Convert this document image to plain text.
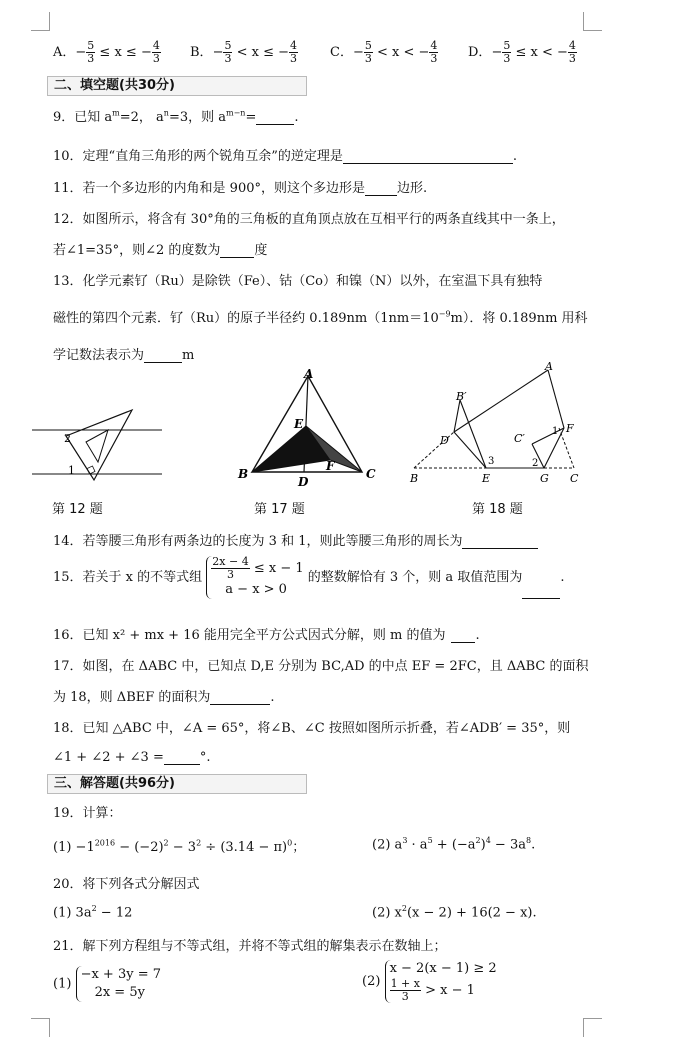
A．− $\frac{5}{3} \le x$ ≤ − $\frac{4}{3}$ B．− $\frac{5}{3} < x$ ≤ − $\frac{4}{3}$ C．− $\frac{5}{3} < x$ < − $\frac{4}{3}$ D．− $\frac{5}{3} \le x$ < − $\frac{4}{3}$
二、填空题(共30分)
9．已知 $a^m=2$， $a^n=3$，则 $a^{m-n}=$	.
10．定理“直角三角形的两个锐角互余”的逆定理是	.
11．若一个多边形的内角和是 900°，则这个多边形是 边形.
12．如图所示，将含有 30°角的三角板的直角顶点放在互相平行的两条直线其中一条上，
若∠1=35°，则∠2 的度数为	度
13．化学元素钌（Ru）是除铁（Fe）、钴（Co）和镍（N）以外，在室温下具有独特
磁性的第四个元素．钌（Ru）的原子半径约 $0.189nm(1nm=10^{-9}m)$．将 0.189nm 用科
学记数法表示为	m
2
1
A
B	C
D
E
F
A
B′
C′
D
F
B	E	G C
1
2
3
第 12 题	第 17 题	第 18 题
14．若等腰三角形有两条边的长度为 3 和 1，则此等腰三角形的周长为
15．若关于 x 的不等式组 $\frac{2x - 4}{3} \le x - 1$
a − x > 0
的整数解恰有 3 个，则 a 取值范围为	.
16．已知 x² + mx + 16 能用完全平方公式因式分解，则 m 的值为 .
17．如图，在 ΔABC 中，已知点 D,E 分别为 BC,AD 的中点 EF = 2FC，且 ΔABC 的面积
为 18，则 ΔBEF 的面积为	.
18．已知 △ABC 中，∠A = 65°，将∠B、∠C 按照如图所示折叠，若∠ADB′ = 35°，则
∠1 + ∠2 + ∠3 =	°.
三、解答题(共96分)
19．计算：
$(1) -1^{2016} - (-2)^2 - 3^2 \div (3.14 - \pi)^0$；	(2) $a^3 \cdot a^5 + (-a^2)^4 - 3a^8$.
20．将下列各式分解因式
(1) $3a^2 - 12$	(2) $x^2(x - 2) + 16(2 - x)$.
21．解下列方程组与不等式组，并将不等式组的解集表示在数轴上；
(1)
−x + 3y = 7
2x = 5y
(2)
x − 2(x − 1) ≥ 2
$\frac{1 + x}{3} > x - 1$
